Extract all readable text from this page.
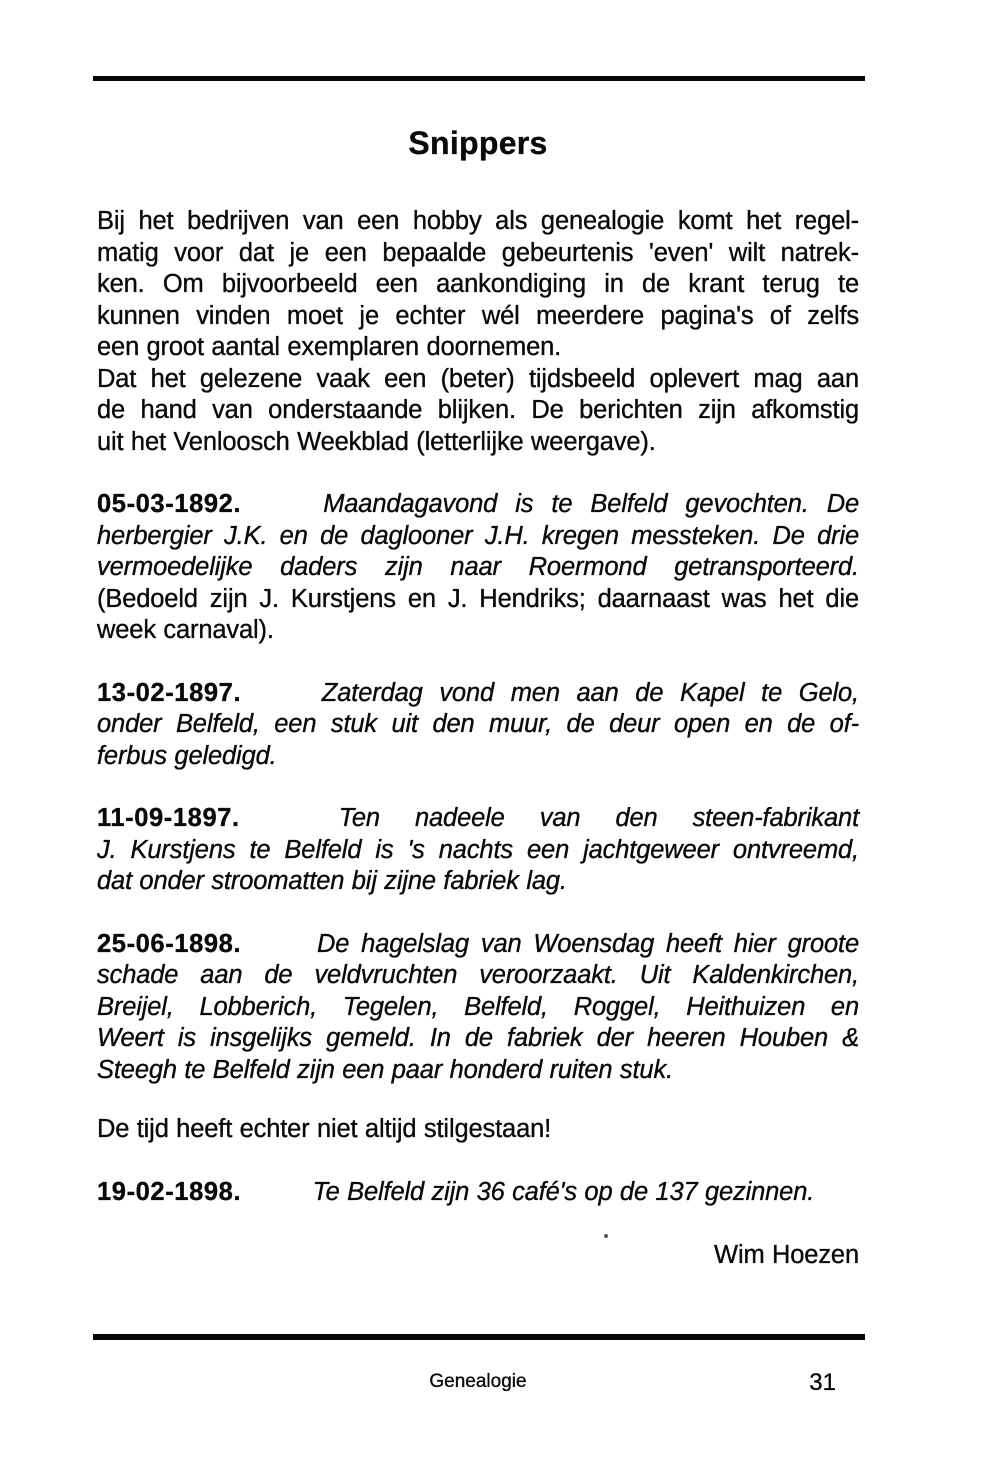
Snippers
Bij het bedrijven van een hobby als genealogie komt het regel-
matig voor dat je een bepaalde gebeurtenis 'even' wilt natrek-
ken. Om bijvoorbeeld een aankondiging in de krant terug te
kunnen vinden moet je echter wél meerdere pagina's of zelfs
een groot aantal exemplaren doornemen.
Dat het gelezene vaak een (beter) tijdsbeeld oplevert mag aan
de hand van onderstaande blijken. De berichten zijn afkomstig
uit het Venloosch Weekblad (letterlijke weergave).
05-03-1892.	Maandagavond is te Belfeld gevochten. De
herbergier J.K. en de daglooner J.H. kregen messteken. De drie
vermoedelijke daders zijn naar Roermond getransporteerd.
(Bedoeld zijn J. Kurstjens en J. Hendriks; daarnaast was het die
week carnaval).
13-02-1897.	Zaterdag vond men aan de Kapel te Gelo,
onder Belfeld, een stuk uit den muur, de deur open en de of-
ferbus geledigd.
11-09-1897.	Ten nadeele van den steen-fabrikant
J. Kurstjens te Belfeld is 's nachts een jachtgeweer ontvreemd,
dat onder stroomatten bij zijne fabriek lag.
25-06-1898.	De hagelslag van Woensdag heeft hier groote
schade aan de veldvruchten veroorzaakt. Uit Kaldenkirchen,
Breijel, Lobberich, Tegelen, Belfeld, Roggel, Heithuizen en
Weert is insgelijks gemeld. In de fabriek der heeren Houben &
Steegh te Belfeld zijn een paar honderd ruiten stuk.
De tijd heeft echter niet altijd stilgestaan!
19-02-1898.	Te Belfeld zijn 36 café's op de 137 gezinnen.
Wim Hoezen
Genealogie	31
